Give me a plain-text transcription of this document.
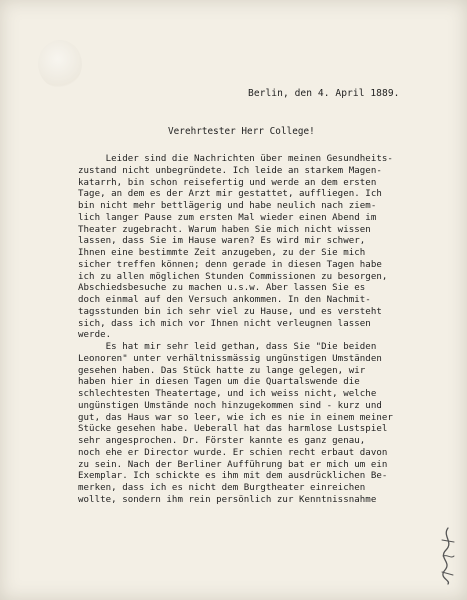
Berlin, den 4. April 1889.
Verehrtester Herr College!
Leider sind die Nachrichten über meinen Gesundheits-
zustand nicht unbegründete. Ich leide an starkem Magen-
katarrh, bin schon reisefertig und werde an dem ersten
Tage, an dem es der Arzt mir gestattet, auffliegen. Ich
bin nicht mehr bettlägerig und habe neulich nach ziem-
lich langer Pause zum ersten Mal wieder einen Abend im
Theater zugebracht. Warum haben Sie mich nicht wissen
lassen, dass Sie im Hause waren? Es wird mir schwer,
Ihnen eine bestimmte Zeit anzugeben, zu der Sie mich
sicher treffen können; denn gerade in diesen Tagen habe
ich zu allen möglichen Stunden Commissionen zu besorgen,
Abschiedsbesuche zu machen u.s.w. Aber lassen Sie es
doch einmal auf den Versuch ankommen. In den Nachmit-
tagsstunden bin ich sehr viel zu Hause, und es versteht
sich, dass ich mich vor Ihnen nicht verleugnen lassen
werde.
Es hat mir sehr leid gethan, dass Sie "Die beiden
Leonoren" unter verhältnissmässig ungünstigen Umständen
gesehen haben. Das Stück hatte zu lange gelegen, wir
haben hier in diesen Tagen um die Quartalswende die
schlechtesten Theatertage, und ich weiss nicht, welche
ungünstigen Umstände noch hinzugekommen sind - kurz und
gut, das Haus war so leer, wie ich es nie in einem meiner
Stücke gesehen habe. Ueberall hat das harmlose Lustspiel
sehr angesprochen. Dr. Förster kannte es ganz genau,
noch ehe er Director wurde. Er schien recht erbaut davon
zu sein. Nach der Berliner Aufführung bat er mich um ein
Exemplar. Ich schickte es ihm mit dem ausdrücklichen Be-
merken, dass ich es nicht dem Burgtheater einreichen
wollte, sondern ihm rein persönlich zur Kenntnissnahme
